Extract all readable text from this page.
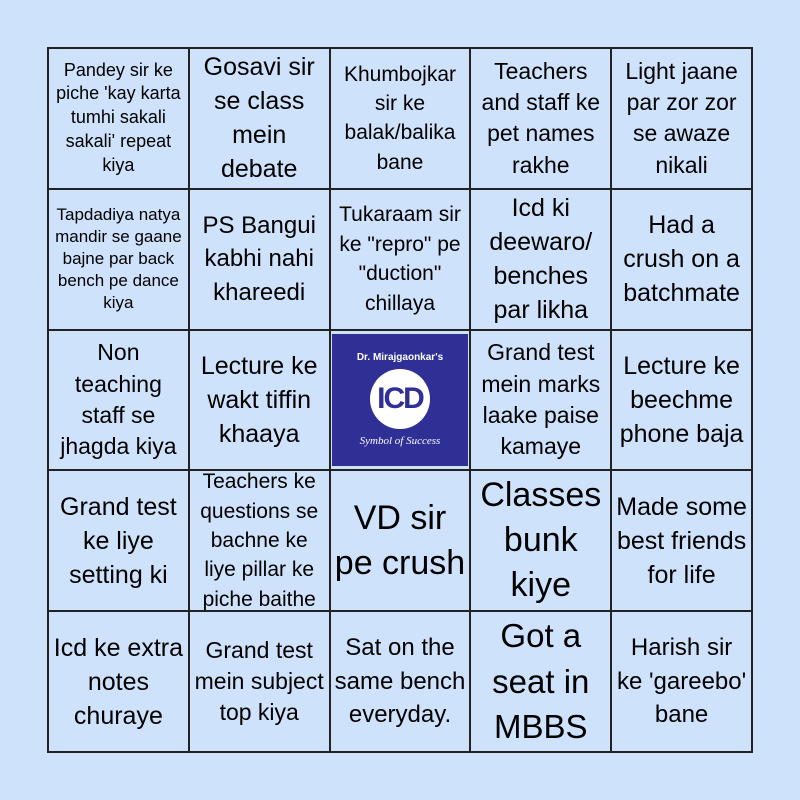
Pandey sir ke piche 'kay karta tumhi sakali sakali' repeat kiya
Gosavi sir se class mein debate
Khumbojkar sir ke balak/balika bane
Teachers and staff ke pet names rakhe
Light jaane par zor zor se awaze nikali
Tapdadiya natya mandir se gaane bajne par back bench pe dance kiya
PS Bangui kabhi nahi khareedi
Tukaraam sir ke "repro" pe "duction" chillaya
Icd ki deewaro/ benches par likha
Had a crush on a batchmate
Non teaching staff se jhagda kiya
Lecture ke wakt tiffin khaaya
Dr. Mirajgaonkar's
ICD
Symbol of Success
Grand test mein marks laake paise kamaye
Lecture ke beechme phone baja
Grand test ke liye setting ki
Teachers ke questions se bachne ke liye pillar ke piche baithe
VD sir pe crush
Classes bunk kiye
Made some best friends for life
Icd ke extra notes churaye
Grand test mein subject top kiya
Sat on the same bench everyday.
Got a seat in MBBS
Harish sir ke 'gareebo' bane
